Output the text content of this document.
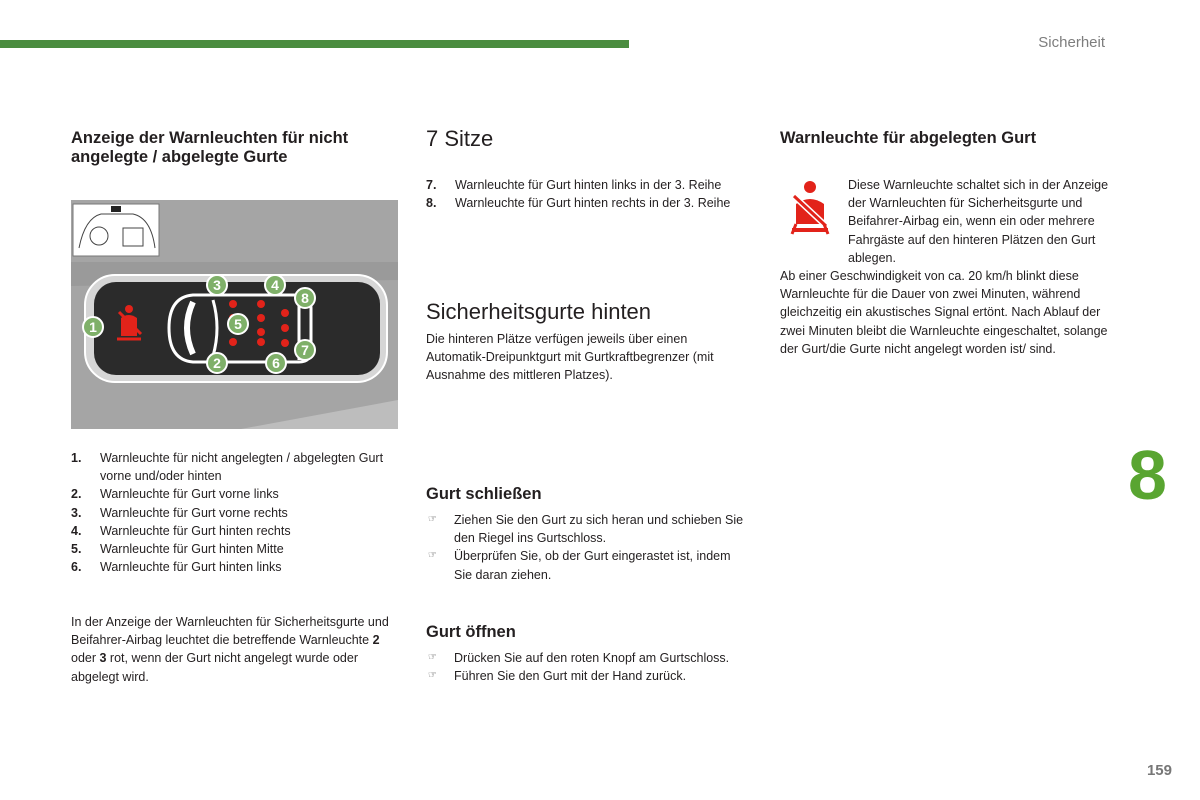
Sicherheit
Anzeige der Warnleuchten für nicht angelegte / abgelegte Gurte
1
2
3	4
5
6
7
8
1. Warnleuchte für nicht angelegten / abgelegten Gurt vorne und/oder hinten
2. Warnleuchte für Gurt vorne links
3. Warnleuchte für Gurt vorne rechts
4. Warnleuchte für Gurt hinten rechts
5. Warnleuchte für Gurt hinten Mitte
6. Warnleuchte für Gurt hinten links

In der Anzeige der Warnleuchten für Sicherheitsgurte und Beifahrer-Airbag leuchtet die betreffende Warnleuchte 2 oder 3 rot, wenn der Gurt nicht angelegt wurde oder abgelegt wird.

7 Sitze
7. Warnleuchte für Gurt hinten links in der 3. Reihe
8. Warnleuchte für Gurt hinten rechts in der 3. Reihe
Sicherheitsgurte hinten

Die hinteren Plätze verfügen jeweils über einen Automatik-Dreipunktgurt mit Gurtkraftbegrenzer (mit Ausnahme des mittleren Platzes).

Gurt schließen
☞ Ziehen Sie den Gurt zu sich heran und schieben Sie den Riegel ins Gurtschloss.
☞ Überprüfen Sie, ob der Gurt eingerastet ist, indem Sie daran ziehen.
Gurt öffnen
☞ Drücken Sie auf den roten Knopf am Gurtschloss.
☞ Führen Sie den Gurt mit der Hand zurück.
Warnleuchte für abgelegten Gurt

Diese Warnleuchte schaltet sich in der Anzeige der Warnleuchten für Sicherheitsgurte und Beifahrer-Airbag ein, wenn ein oder mehrere Fahrgäste auf den hinteren Plätzen den Gurt ablegen.

Ab einer Geschwindigkeit von ca. 20 km/h blinkt diese Warnleuchte für die Dauer von zwei Minuten, während gleichzeitig ein akustisches Signal ertönt. Nach Ablauf der zwei Minuten bleibt die Warnleuchte eingeschaltet, solange der Gurt/die Gurte nicht angelegt worden ist/ sind.

8
159
